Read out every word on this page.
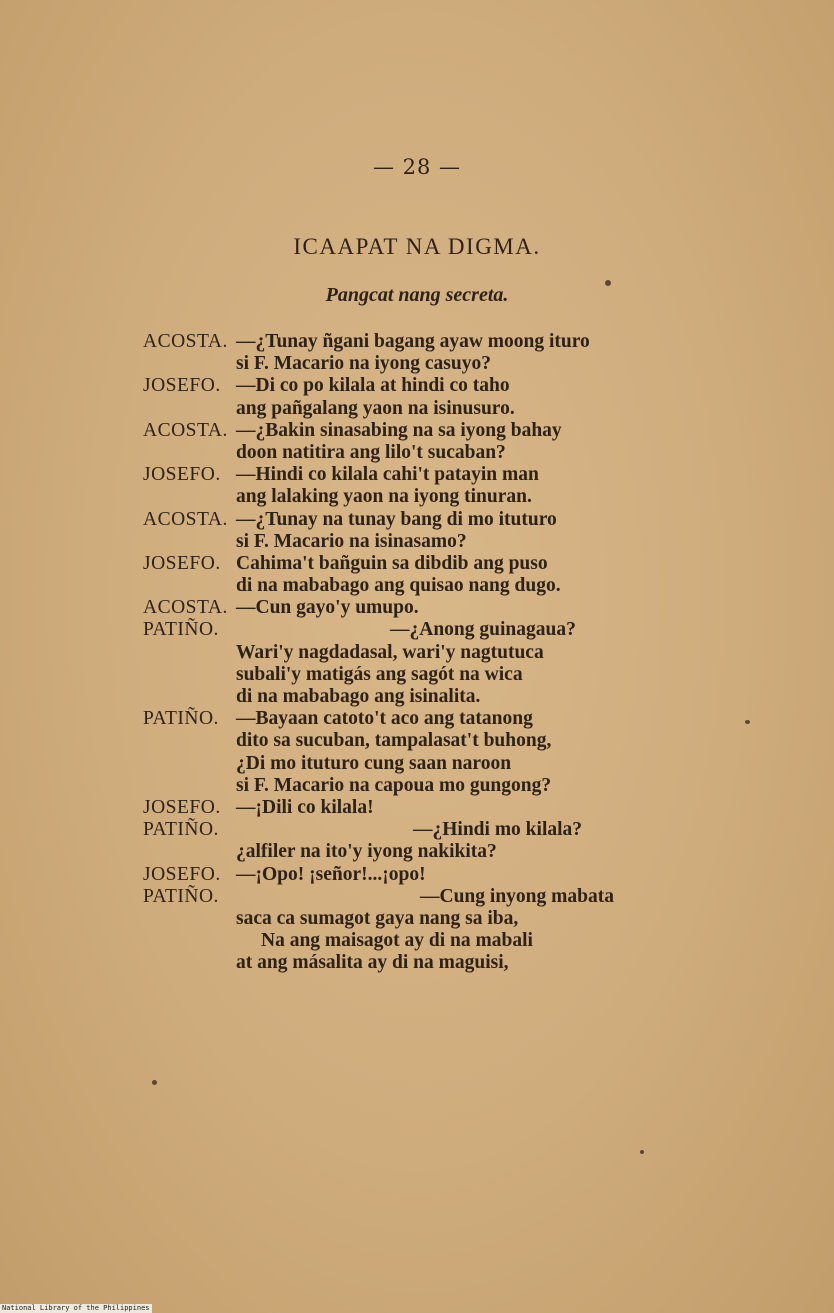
— 28 —
ICAAPAT NA DIGMA.
Pangcat nang secreta.
ACOSTA. —¿Tunay ñgani bagang ayaw moong ituro
si F. Macario na iyong casuyo?
JOSEFO. —Di co po kilala at hindi co taho
ang pañgalang yaon na isinusuro.
ACOSTA. —¿Bakin sinasabing na sa iyong bahay
doon natitira ang lilo't sucaban?
JOSEFO. —Hindi co kilala cahi't patayin man
ang lalaking yaon na iyong tinuran.
ACOSTA. —¿Tunay na tunay bang di mo ituturo
si F. Macario na isinasamo?
JOSEFO. Cahima't bañguin sa dibdib ang puso
di na mababago ang quisao nang dugo.
ACOSTA. —Cun gayo'y umupo.
PATIÑO.	—¿Anong guinagaua?
Wari'y nagdadasal, wari'y nagtutuca
subali'y matigás ang sagót na wica
di na mababago ang isinalita.
PATIÑO. —Bayaan catoto't aco ang tatanong
dito sa sucuban, tampalasat't buhong,
¿Di mo ituturo cung saan naroon
si F. Macario na capoua mo gungong?
JOSEFO. —¡Dili co kilala!
PATIÑO.	—¿Hindi mo kilala?
¿alfiler na ito'y iyong nakikita?
JOSEFO. —¡Opo! ¡señor!...¡opo!
PATIÑO.	—Cung inyong mabata
saca ca sumagot gaya nang sa iba,
Na ang maisagot ay di na mabali
at ang másalita ay di na maguisi,
National Library of the Philippines
